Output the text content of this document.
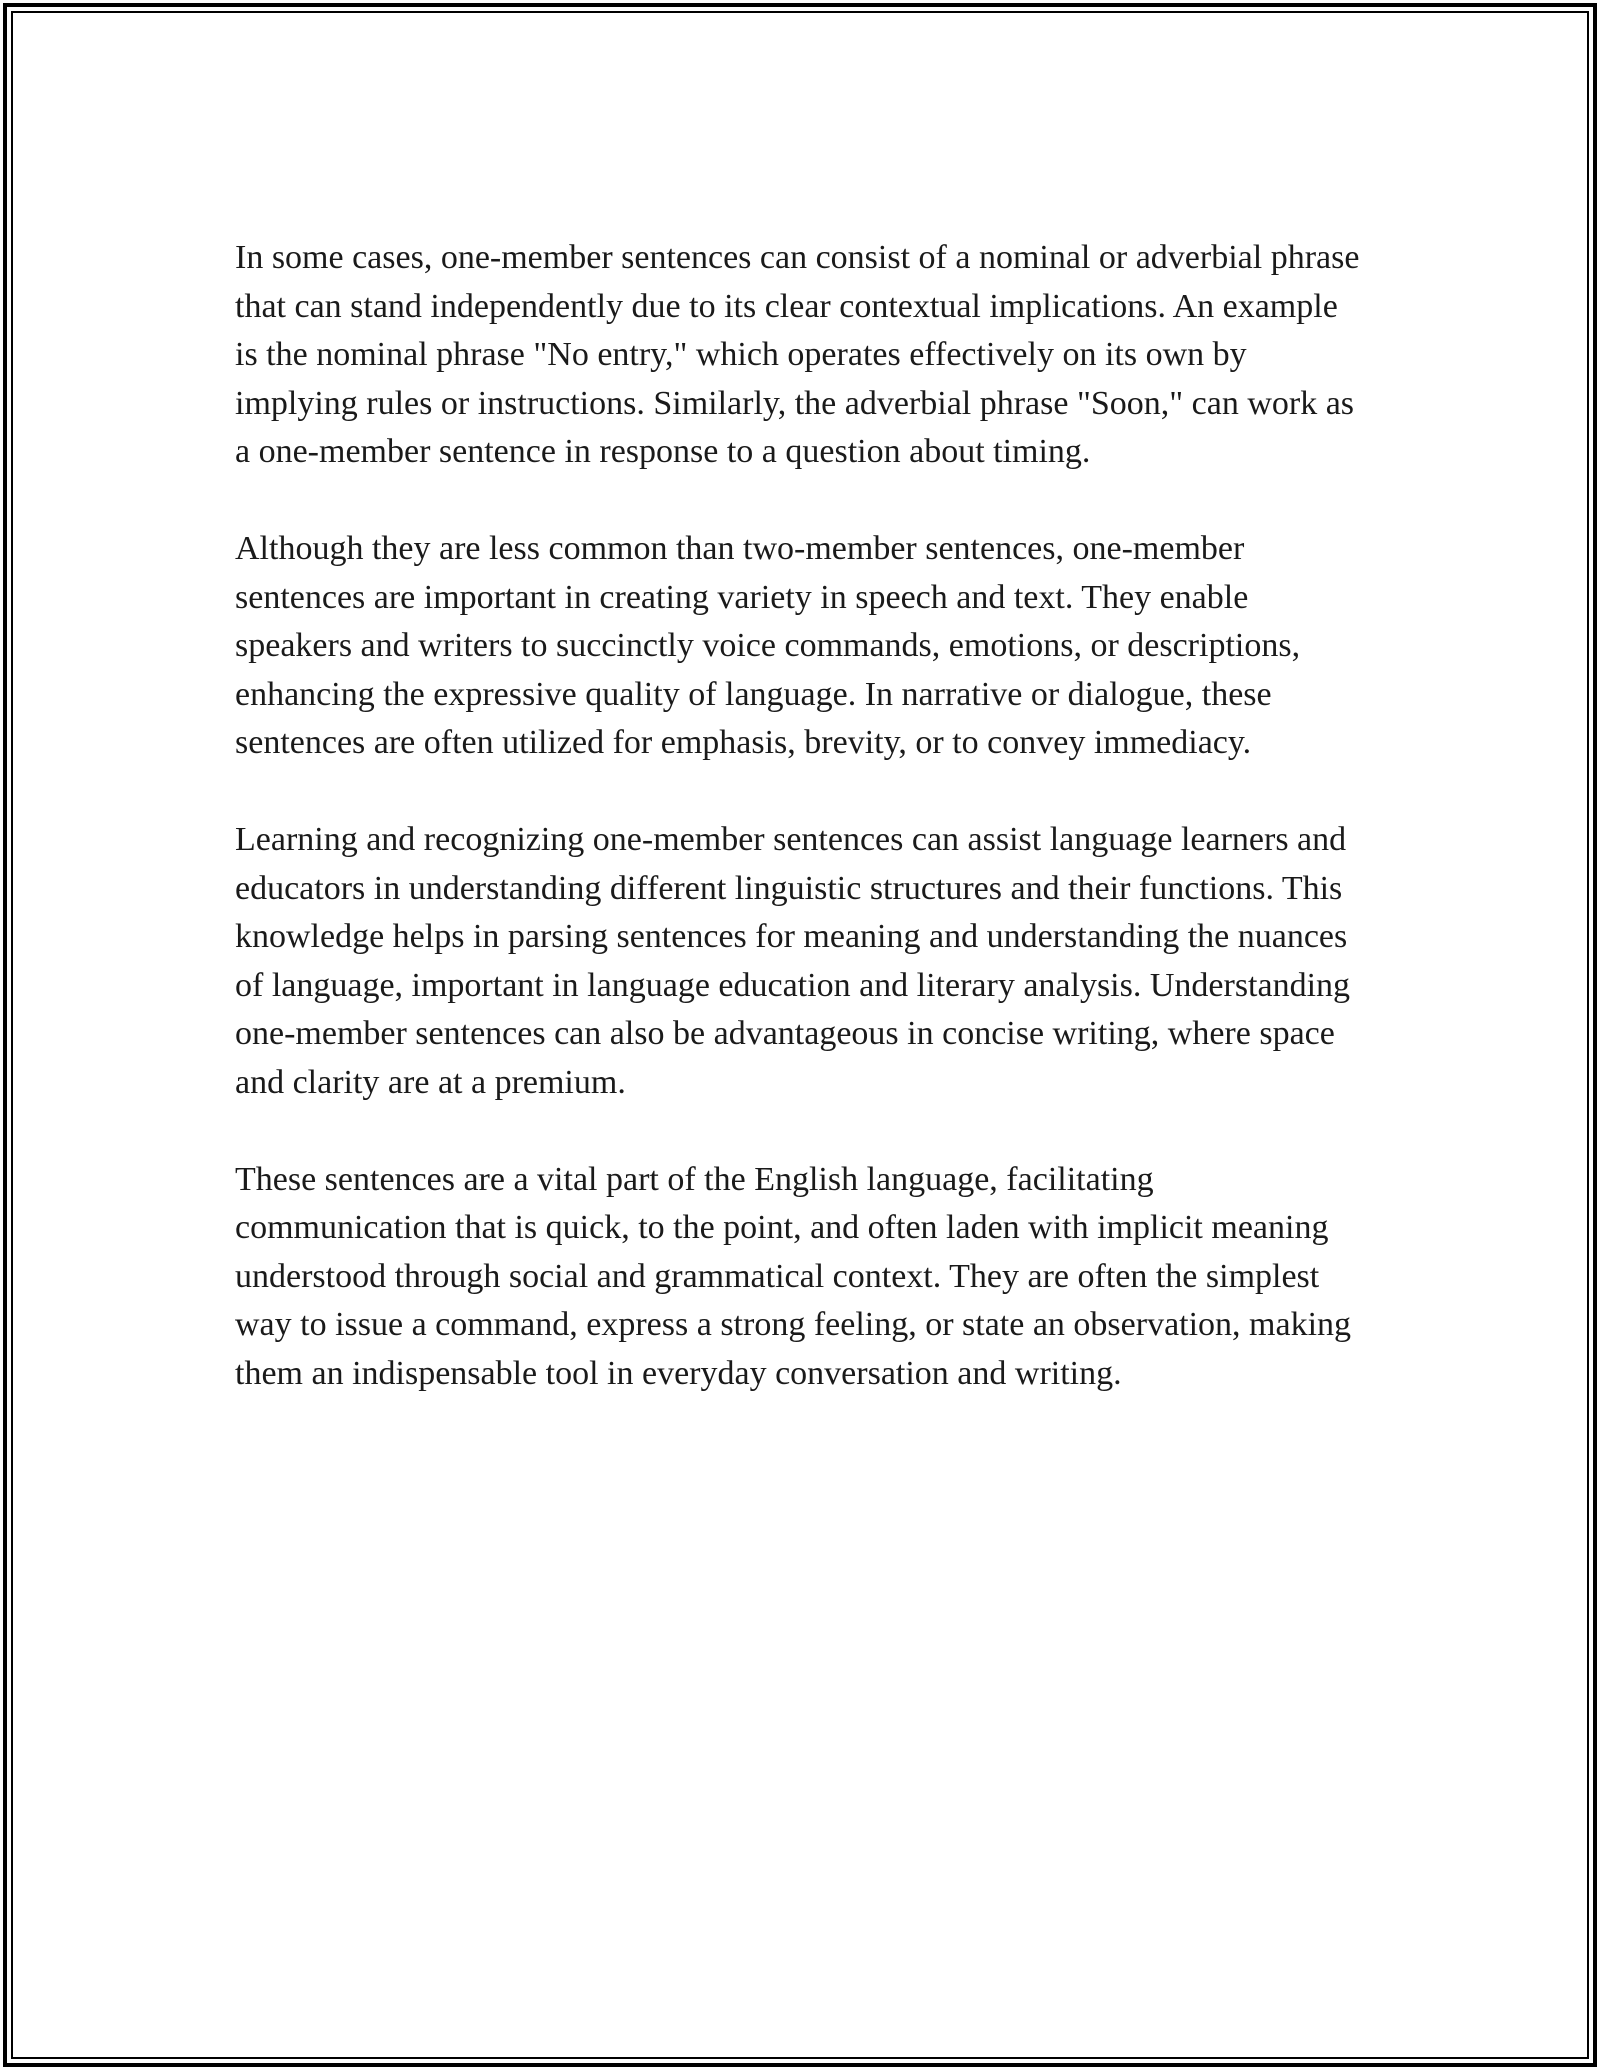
In some cases, one-member sentences can consist of a nominal or adverbial phrase that can stand independently due to its clear contextual implications. An example is the nominal phrase "No entry," which operates effectively on its own by implying rules or instructions. Similarly, the adverbial phrase "Soon," can work as a one-member sentence in response to a question about timing.

Although they are less common than two-member sentences, one-member sentences are important in creating variety in speech and text. They enable speakers and writers to succinctly voice commands, emotions, or descriptions, enhancing the expressive quality of language. In narrative or dialogue, these sentences are often utilized for emphasis, brevity, or to convey immediacy.

Learning and recognizing one-member sentences can assist language learners and educators in understanding different linguistic structures and their functions. This knowledge helps in parsing sentences for meaning and understanding the nuances of language, important in language education and literary analysis. Understanding one-member sentences can also be advantageous in concise writing, where space and clarity are at a premium.

These sentences are a vital part of the English language, facilitating communication that is quick, to the point, and often laden with implicit meaning understood through social and grammatical context. They are often the simplest way to issue a command, express a strong feeling, or state an observation, making them an indispensable tool in everyday conversation and writing.
